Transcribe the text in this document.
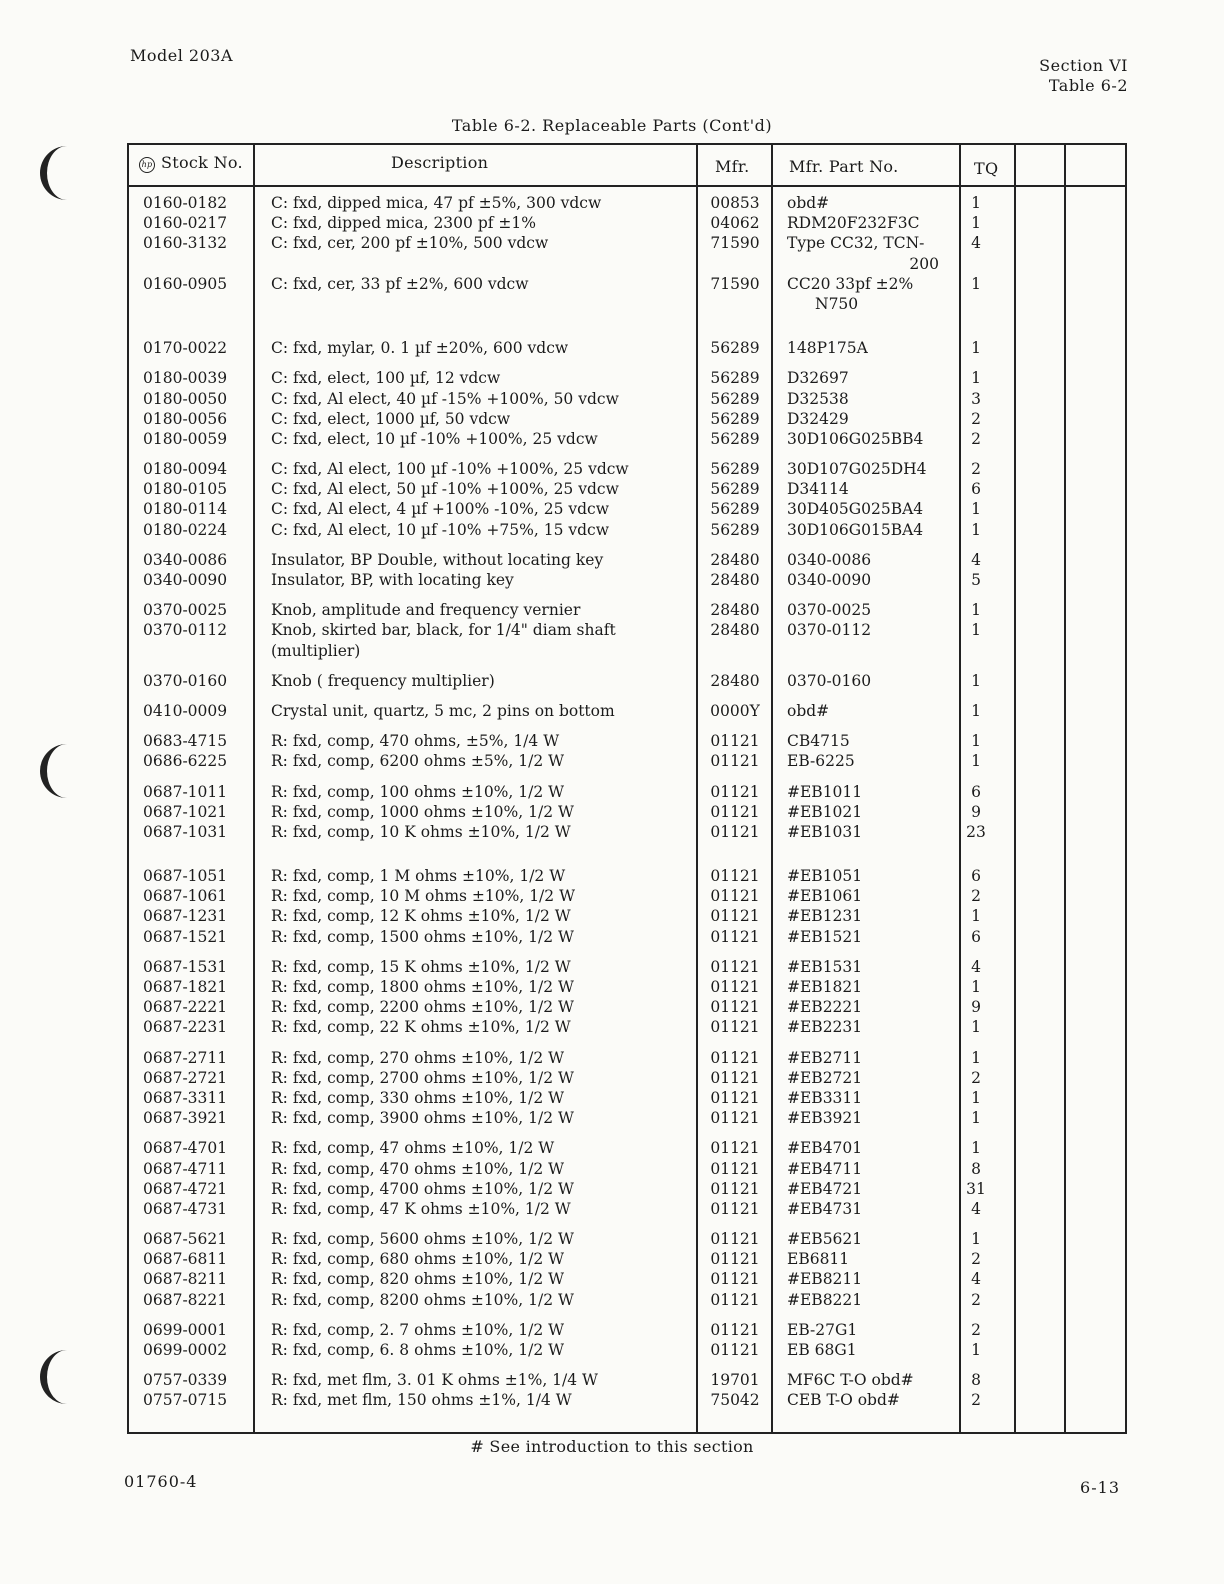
Model 203A
Section VI
Table 6-2
Table 6-2. Replaceable Parts (Cont'd)
hp Stock No.	Description	Mfr. Mfr. Part No.	TQ
0160-0182	C: fxd, dipped mica, 47 pf ±5%, 300 vdcw	00853 obd#	1
0160-0217	C: fxd, dipped mica, 2300 pf ±1%	04062 RDM20F232F3C	1
0160-3132	C: fxd, cer, 200 pf ±10%, 500 vdcw	71590 Type CC32, TCN-	4
200
0160-0905	C: fxd, cer, 33 pf ±2%, 600 vdcw	71590 CC20 33pf ±2%	1
N750
0170-0022	C: fxd, mylar, 0. 1 µf ±20%, 600 vdcw	56289 148P175A	1
0180-0039	C: fxd, elect, 100 µf, 12 vdcw	56289 D32697	1
0180-0050	C: fxd, Al elect, 40 µf -15% +100%, 50 vdcw	56289 D32538	3
0180-0056	C: fxd, elect, 1000 µf, 50 vdcw	56289 D32429	2
0180-0059	C: fxd, elect, 10 µf -10% +100%, 25 vdcw	56289 30D106G025BB4	2
0180-0094	C: fxd, Al elect, 100 µf -10% +100%, 25 vdcw	56289 30D107G025DH4	2
0180-0105	C: fxd, Al elect, 50 µf -10% +100%, 25 vdcw	56289 D34114	6
0180-0114	C: fxd, Al elect, 4 µf +100% -10%, 25 vdcw	56289 30D405G025BA4	1
0180-0224	C: fxd, Al elect, 10 µf -10% +75%, 15 vdcw	56289 30D106G015BA4	1
0340-0086	Insulator, BP Double, without locating key	28480 0340-0086	4
0340-0090	Insulator, BP, with locating key	28480 0340-0090	5
0370-0025	Knob, amplitude and frequency vernier	28480 0370-0025	1
0370-0112	Knob, skirted bar, black, for 1/4" diam shaft	28480 0370-0112	1
(multiplier)
0370-0160	Knob ( frequency multiplier)	28480 0370-0160	1
0410-0009	Crystal unit, quartz, 5 mc, 2 pins on bottom	0000Y obd#	1
0683-4715	R: fxd, comp, 470 ohms, ±5%, 1/4 W	01121 CB4715	1
0686-6225	R: fxd, comp, 6200 ohms ±5%, 1/2 W	01121 EB-6225	1
0687-1011	R: fxd, comp, 100 ohms ±10%, 1/2 W	01121 #EB1011	6
0687-1021	R: fxd, comp, 1000 ohms ±10%, 1/2 W	01121 #EB1021	9
0687-1031	R: fxd, comp, 10 K ohms ±10%, 1/2 W	01121 #EB1031	23
0687-1051	R: fxd, comp, 1 M ohms ±10%, 1/2 W	01121 #EB1051	6
0687-1061	R: fxd, comp, 10 M ohms ±10%, 1/2 W	01121 #EB1061	2
0687-1231	R: fxd, comp, 12 K ohms ±10%, 1/2 W	01121 #EB1231	1
0687-1521	R: fxd, comp, 1500 ohms ±10%, 1/2 W	01121 #EB1521	6
0687-1531	R: fxd, comp, 15 K ohms ±10%, 1/2 W	01121 #EB1531	4
0687-1821	R: fxd, comp, 1800 ohms ±10%, 1/2 W	01121 #EB1821	1
0687-2221	R: fxd, comp, 2200 ohms ±10%, 1/2 W	01121 #EB2221	9
0687-2231	R: fxd, comp, 22 K ohms ±10%, 1/2 W	01121 #EB2231	1
0687-2711	R: fxd, comp, 270 ohms ±10%, 1/2 W	01121 #EB2711	1
0687-2721	R: fxd, comp, 2700 ohms ±10%, 1/2 W	01121 #EB2721	2
0687-3311	R: fxd, comp, 330 ohms ±10%, 1/2 W	01121 #EB3311	1
0687-3921	R: fxd, comp, 3900 ohms ±10%, 1/2 W	01121 #EB3921	1
0687-4701	R: fxd, comp, 47 ohms ±10%, 1/2 W	01121 #EB4701	1
0687-4711	R: fxd, comp, 470 ohms ±10%, 1/2 W	01121 #EB4711	8
0687-4721	R: fxd, comp, 4700 ohms ±10%, 1/2 W	01121 #EB4721	31
0687-4731	R: fxd, comp, 47 K ohms ±10%, 1/2 W	01121 #EB4731	4
0687-5621	R: fxd, comp, 5600 ohms ±10%, 1/2 W	01121 #EB5621	1
0687-6811	R: fxd, comp, 680 ohms ±10%, 1/2 W	01121 EB6811	2
0687-8211	R: fxd, comp, 820 ohms ±10%, 1/2 W	01121 #EB8211	4
0687-8221	R: fxd, comp, 8200 ohms ±10%, 1/2 W	01121 #EB8221	2
0699-0001	R: fxd, comp, 2. 7 ohms ±10%, 1/2 W	01121 EB-27G1	2
0699-0002	R: fxd, comp, 6. 8 ohms ±10%, 1/2 W	01121 EB 68G1	1
0757-0339	R: fxd, met flm, 3. 01 K ohms ±1%, 1/4 W	19701 MF6C T-O obd#	8
0757-0715	R: fxd, met flm, 150 ohms ±1%, 1/4 W	75042 CEB T-O obd#	2
# See introduction to this section
01760-4	6-13
